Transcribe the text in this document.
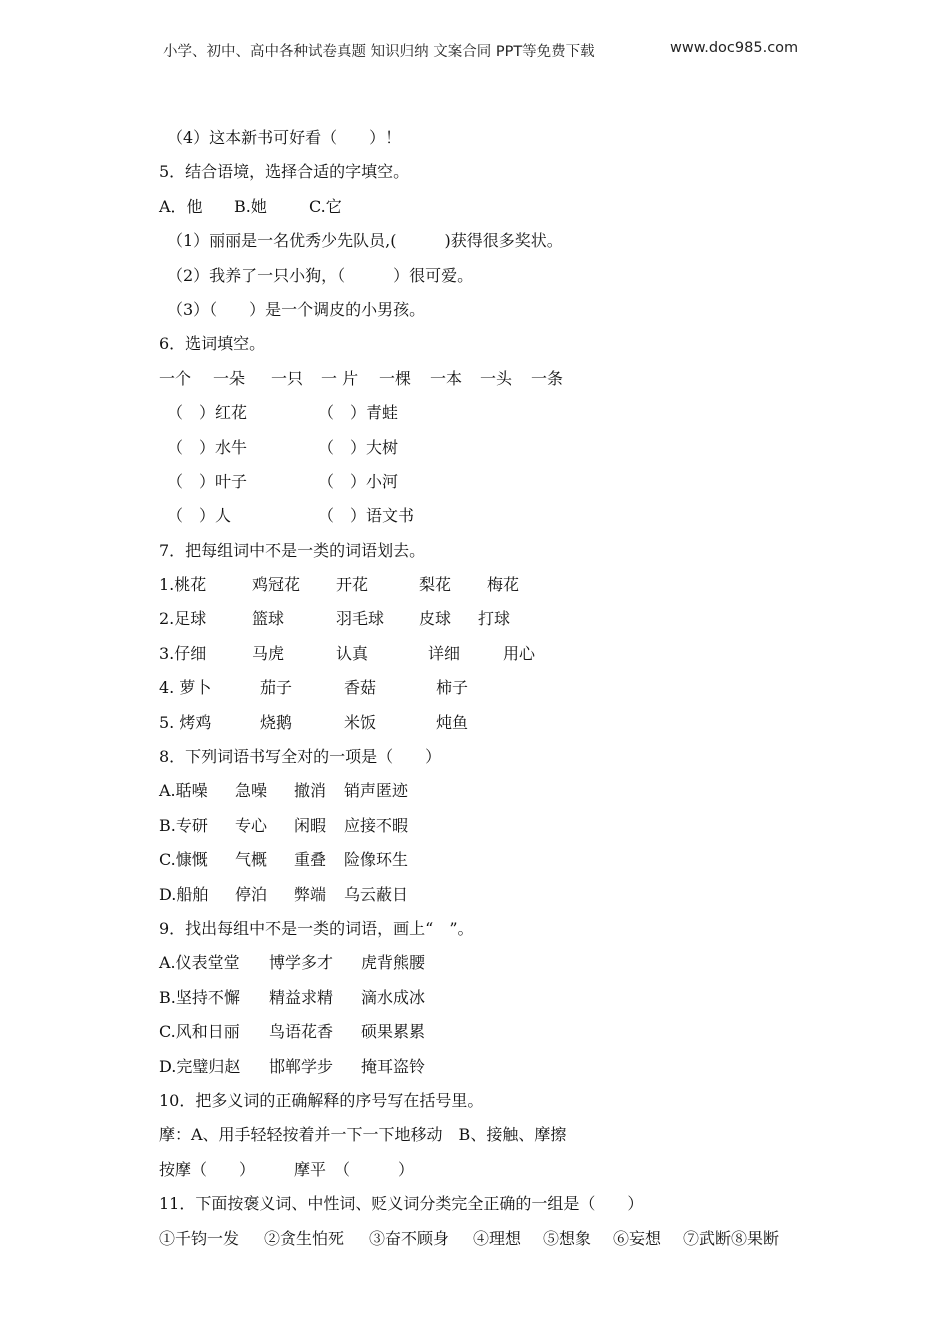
小学、初中、高中各种试卷真题 知识归纳 文案合同 PPT等免费下载	www.doc985.com
（4）这本新书可好看（　　）！
5．结合语境，选择合适的字填空。
A．他 B.她	C.它
（1）丽丽是一名优秀少先队员,(　　　)获得很多奖状。
（2）我养了一只小狗，（　　　）很可爱。
（3）（　　）是一个调皮的小男孩。
6．选词填空。
一个 一朵 一只 一 片 一棵 一本 一头 一条
（　）红花	（　）青蛙
（　）水牛	（　）大树
（　）叶子	（　）小河
（　）人	（　）语文书
7．把每组词中不是一类的词语划去。
1.桃花	鸡冠花 开花	梨花 梅花
2.足球	篮球	羽毛球 皮球 打球
3.仔细	马虎	认真	详细	用心
4. 萝卜	茄子	香菇	柿子
5. 烤鸡	烧鹅	米饭	炖鱼
8．下列词语书写全对的一项是（　　）
A.聒噪 急噪 撤消 销声匿迹
B.专研 专心 闲暇 应接不暇
C.慷慨 气概 重叠 险像环生
D.船舶 停泊 弊端 乌云蔽日
9．找出每组中不是一类的词语，画上“　”。
A.仪表堂堂 博学多才 虎背熊腰
B.坚持不懈 精益求精 滴水成冰
C.风和日丽 鸟语花香 硕果累累
D.完璧归赵 邯郸学步 掩耳盗铃
10．把多义词的正确解释的序号写在括号里。
摩：A、用手轻轻按着并一下一下地移动　B、接触、摩擦
按摩（　　） 摩平　（　　　）
11．下面按褒义词、中性词、贬义词分类完全正确的一组是（　　）
①千钧一发 ②贪生怕死 ③奋不顾身 ④理想 ⑤想象 ⑥妄想 ⑦武断⑧果断
